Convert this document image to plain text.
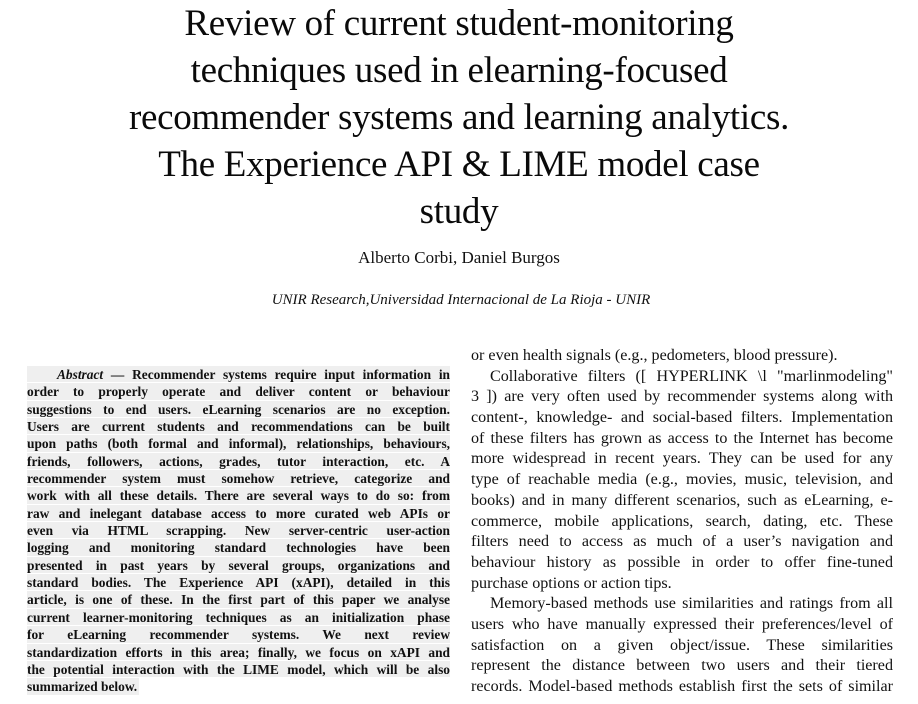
Review of current student-monitoring
techniques used in elearning-focused
recommender systems and learning analytics.
The Experience API & LIME model case
study
Alberto Corbi, Daniel Burgos
UNIR Research,Universidad Internacional de La Rioja - UNIR
Abstract — Recommender systems require input information in
order to properly operate and deliver content or behaviour
suggestions to end users. eLearning scenarios are no exception.
Users are current students and recommendations can be built
upon paths (both formal and informal), relationships, behaviours,
friends, followers, actions, grades, tutor interaction, etc. A
recommender system must somehow retrieve, categorize and
work with all these details. There are several ways to do so: from
raw and inelegant database access to more curated web APIs or
even via HTML scrapping. New server-centric user-action
logging and monitoring standard technologies have been
presented in past years by several groups, organizations and
standard bodies. The Experience API (xAPI), detailed in this
article, is one of these. In the first part of this paper we analyse
current learner-monitoring techniques as an initialization phase
for eLearning recommender systems. We next review
standardization efforts in this area; finally, we focus on xAPI and
the potential interaction with the LIME model, which will be also
summarized below.
or even health signals (e.g., pedometers, blood pressure).
Collaborative filters ([ HYPERLINK \l "marlinmodeling"
3 ]) are very often used by recommender systems along with
content-, knowledge- and social-based filters. Implementation
of these filters has grown as access to the Internet has become
more widespread in recent years. They can be used for any
type of reachable media (e.g., movies, music, television, and
books) and in many different scenarios, such as eLearning, e-
commerce, mobile applications, search, dating, etc. These
filters need to access as much of a user’s navigation and
behaviour history as possible in order to offer fine-tuned
purchase options or action tips.
Memory-based methods use similarities and ratings from all
users who have manually expressed their preferences/level of
satisfaction on a given object/issue. These similarities
represent the distance between two users and their tiered
records. Model-based methods establish first the sets of similar
